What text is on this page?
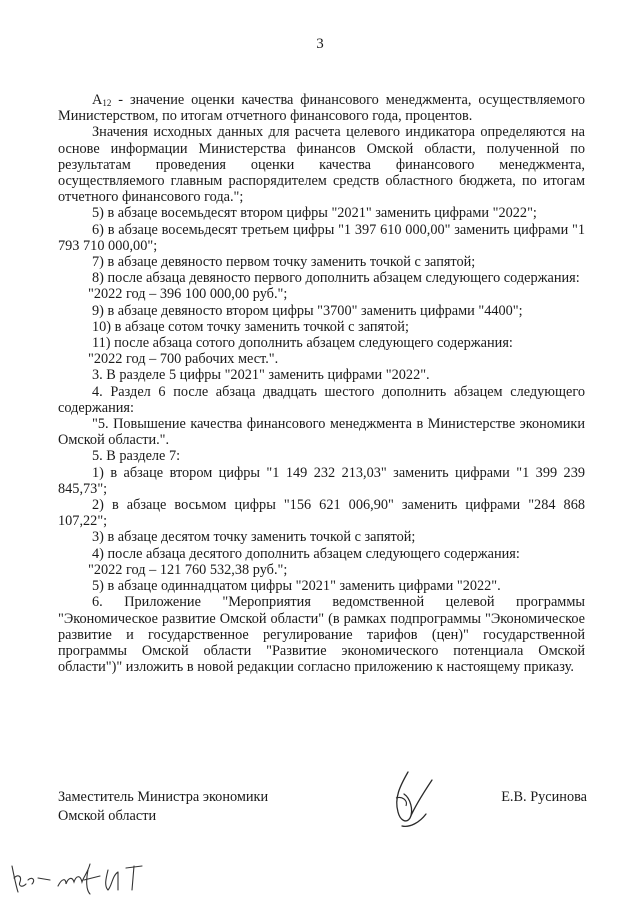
3

$A_{12}$ - значение оценки качества финансового менеджмента, осуществляемого Министерством, по итогам отчетного финансового года, процентов.

Значения исходных данных для расчета целевого индикатора определяются на основе информации Министерства финансов Омской области, полученной по результатам проведения оценки качества финансового менеджмента, осуществляемого главным распорядителем средств областного бюджета, по итогам отчетного финансового года.";

5) в абзаце восемьдесят втором цифры "2021" заменить цифрами "2022";

6) в абзаце восемьдесят третьем цифры "1 397 610 000,00" заменить цифрами "1 793 710 000,00";

7) в абзаце девяносто первом точку заменить точкой с запятой;

8) после абзаца девяносто первого дополнить абзацем следующего содержания:

"2022 год – 396 100 000,00 руб.";

9) в абзаце девяносто втором цифры "3700" заменить цифрами "4400";

10) в абзаце сотом точку заменить точкой с запятой;

11) после абзаца сотого дополнить абзацем следующего содержания:

"2022 год – 700 рабочих мест.".

3. В разделе 5 цифры "2021" заменить цифрами "2022".

4. Раздел 6 после абзаца двадцать шестого дополнить абзацем следующего содержания:

"5. Повышение качества финансового менеджмента в Министерстве экономики Омской области.".

5. В разделе 7:

1) в абзаце втором цифры "1 149 232 213,03" заменить цифрами "1 399 239 845,73";

2) в абзаце восьмом цифры "156 621 006,90" заменить цифрами "284 868 107,22";

3) в абзаце десятом точку заменить точкой с запятой;

4) после абзаца десятого дополнить абзацем следующего содержания:

"2022 год – 121 760 532,38 руб.";

5) в абзаце одиннадцатом цифры "2021" заменить цифрами "2022".

6. Приложение "Мероприятия ведомственной целевой программы "Экономическое развитие Омской области" (в рамках подпрограммы "Экономическое развитие и государственное регулирование тарифов (цен)" государственной программы Омской области "Развитие экономического потенциала Омской области")" изложить в новой редакции согласно приложению к настоящему приказу.

Заместитель Министра экономики
Омской области
Е.В. Русинова
